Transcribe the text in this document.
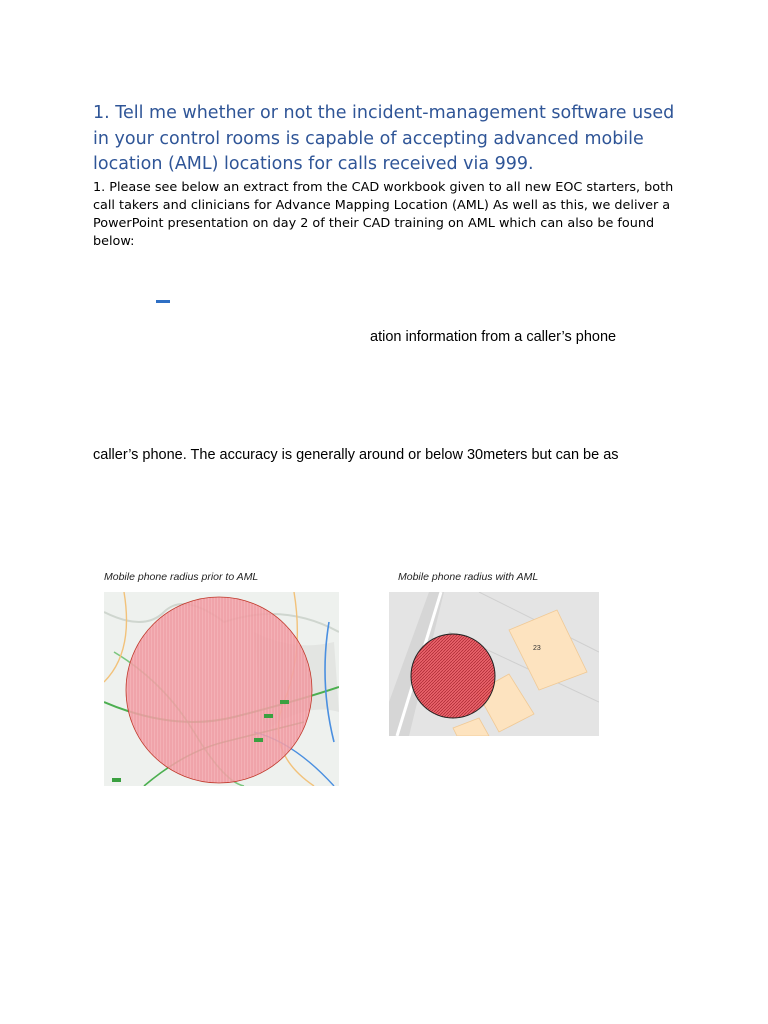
1. Tell me whether or not the incident-management software used in your control rooms is capable of accepting advanced mobile location (AML) locations for calls received via 999.
1. Please see below an extract from the CAD workbook given to all new EOC starters, both call takers and clinicians for Advance Mapping Location (AML) As well as this, we deliver a PowerPoint presentation on day 2 of their CAD training on AML which can also be found below:
ation information from a caller’s phone
caller’s phone. The accuracy is generally around or below 30meters but can be as
Mobile phone radius prior to AML	Mobile phone radius with AML
23
